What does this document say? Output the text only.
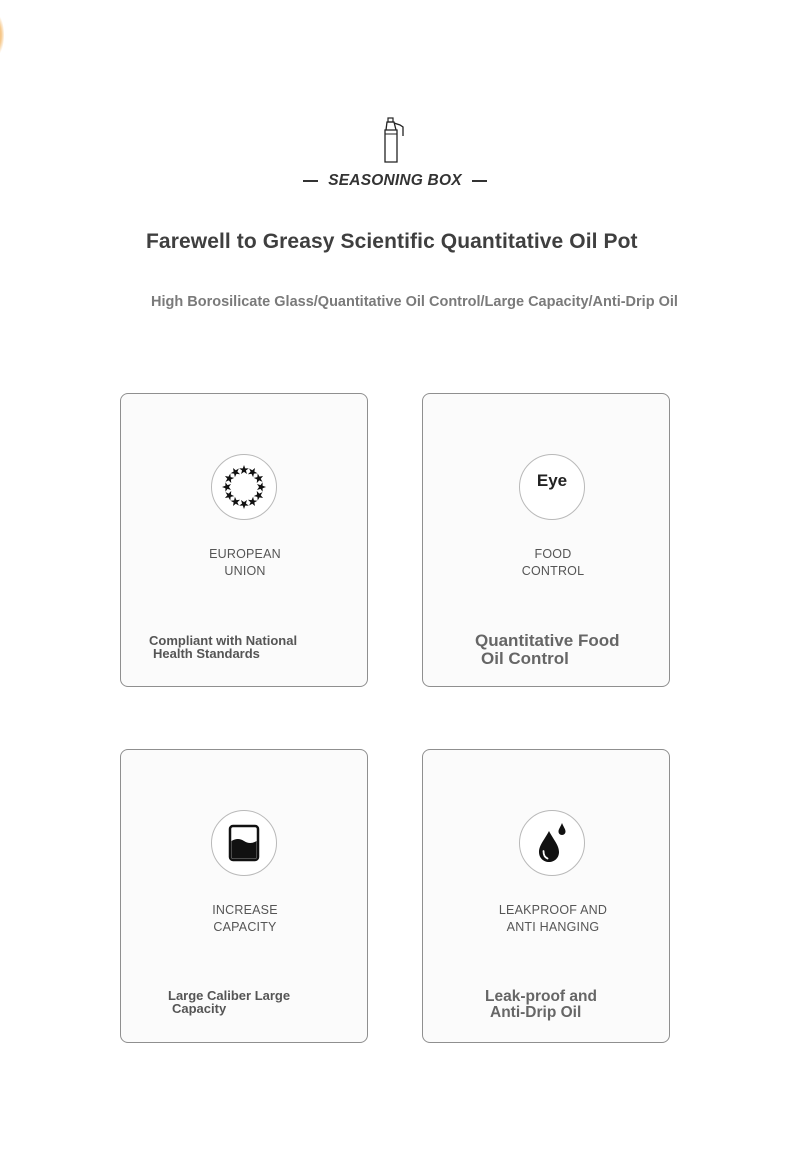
SEASONING BOX
Farewell to Greasy Scientific Quantitative Oil Pot

High Borosilicate Glass/Quantitative Oil Control/Large Capacity/Anti-Drip Oil

EUROPEAN
UNION
Compliant with National
Health Standards
Eye
FOOD
CONTROL
Quantitative Food
Oil Control
INCREASE
CAPACITY
Large Caliber Large
Capacity
LEAKPROOF AND
ANTI HANGING
Leak-proof and
Anti-Drip Oil
